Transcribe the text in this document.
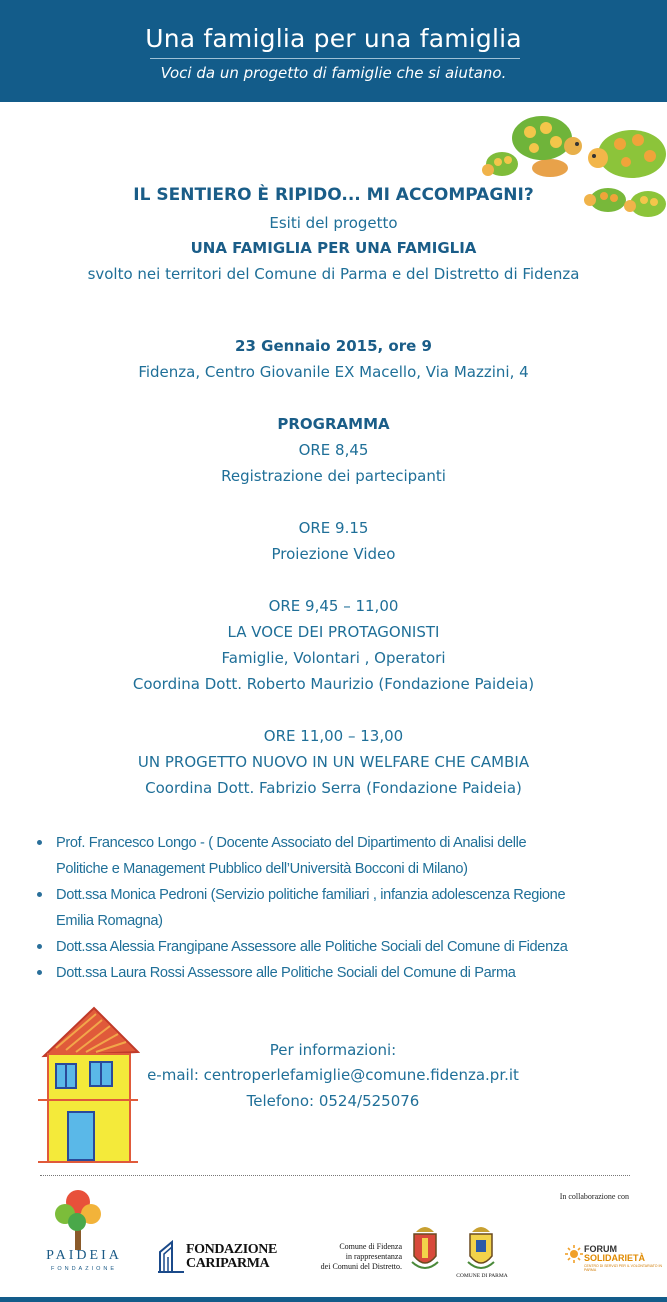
Una famiglia per una famiglia
Voci da un progetto di famiglie che si aiutano.
IL SENTIERO È RIPIDO... MI ACCOMPAGNI?
Esiti del progetto
UNA FAMIGLIA PER UNA FAMIGLIA
svolto nei territori del Comune di Parma e del Distretto di Fidenza
23 Gennaio 2015, ore 9
Fidenza, Centro Giovanile EX Macello, Via Mazzini, 4
PROGRAMMA
ORE 8,45
Registrazione dei partecipanti
ORE 9.15
Proiezione Video
ORE 9,45 – 11,00
LA VOCE DEI PROTAGONISTI
Famiglie, Volontari , Operatori
Coordina Dott. Roberto Maurizio (Fondazione Paideia)
ORE 11,00 – 13,00
UN PROGETTO NUOVO IN UN WELFARE CHE CAMBIA
Coordina Dott. Fabrizio Serra (Fondazione Paideia)
Prof. Francesco Longo - ( Docente Associato del Dipartimento di Analisi delle
Politiche e Management Pubblico dell’Università Bocconi di Milano)
Dott.ssa Monica Pedroni (Servizio politiche familiari , infanzia adolescenza Regione
Emilia Romagna)
Dott.ssa Alessia Frangipane Assessore alle Politiche Sociali del Comune di Fidenza
Dott.ssa Laura Rossi Assessore alle Politiche Sociali del Comune di Parma
Per informazioni:
e-mail: centroperlefamiglie@comune.fidenza.pr.it
Telefono: 0524/525076
In collaborazione con
PAIDEIA
FONDAZIONE
FONDAZIONE
CARIPARMA
Comune di Fidenza
in rappresentanza
dei Comuni del Distretto.
COMUNE DI PARMA
FORUM
SOLIDARIETÀ
CENTRO DI SERVIZI PER IL VOLONTARIATO IN PARMA
